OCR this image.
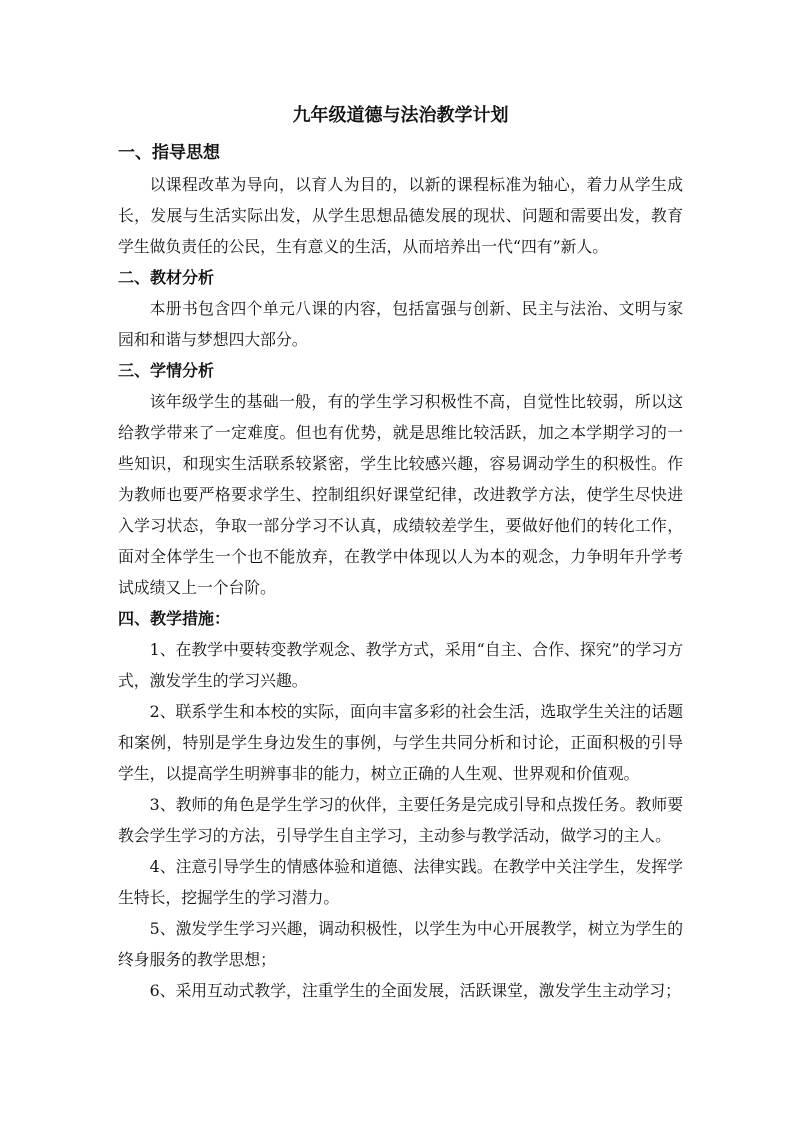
九年级道德与法治教学计划
一、指导思想

以课程改革为导向，以育人为目的，以新的课程标准为轴心，着力从学生成长，发展与生活实际出发，从学生思想品德发展的现状、问题和需要出发，教育学生做负责任的公民，生有意义的生活，从而培养出一代“四有”新人。

二、教材分析

本册书包含四个单元八课的内容，包括富强与创新、民主与法治、文明与家园和和谐与梦想四大部分。

三、学情分析

该年级学生的基础一般，有的学生学习积极性不高，自觉性比较弱，所以这给教学带来了一定难度。但也有优势，就是思维比较活跃，加之本学期学习的一些知识，和现实生活联系较紧密，学生比较感兴趣，容易调动学生的积极性。作为教师也要严格要求学生、控制组织好课堂纪律，改进教学方法，使学生尽快进入学习状态，争取一部分学习不认真，成绩较差学生，要做好他们的转化工作，面对全体学生一个也不能放弃，在教学中体现以人为本的观念，力争明年升学考试成绩又上一个台阶。

四、教学措施：

1、在教学中要转变教学观念、教学方式，采用“自主、合作、探究”的学习方式，激发学生的学习兴趣。

2、联系学生和本校的实际，面向丰富多彩的社会生活，选取学生关注的话题和案例，特别是学生身边发生的事例，与学生共同分析和讨论，正面积极的引导学生，以提高学生明辨事非的能力，树立正确的人生观、世界观和价值观。

3、教师的角色是学生学习的伙伴，主要任务是完成引导和点拨任务。教师要教会学生学习的方法，引导学生自主学习，主动参与教学活动，做学习的主人。

4、注意引导学生的情感体验和道德、法律实践。在教学中关注学生，发挥学生特长，挖掘学生的学习潜力。

5、激发学生学习兴趣，调动积极性，以学生为中心开展教学，树立为学生的终身服务的教学思想；

6、采用互动式教学，注重学生的全面发展，活跃课堂，激发学生主动学习；
